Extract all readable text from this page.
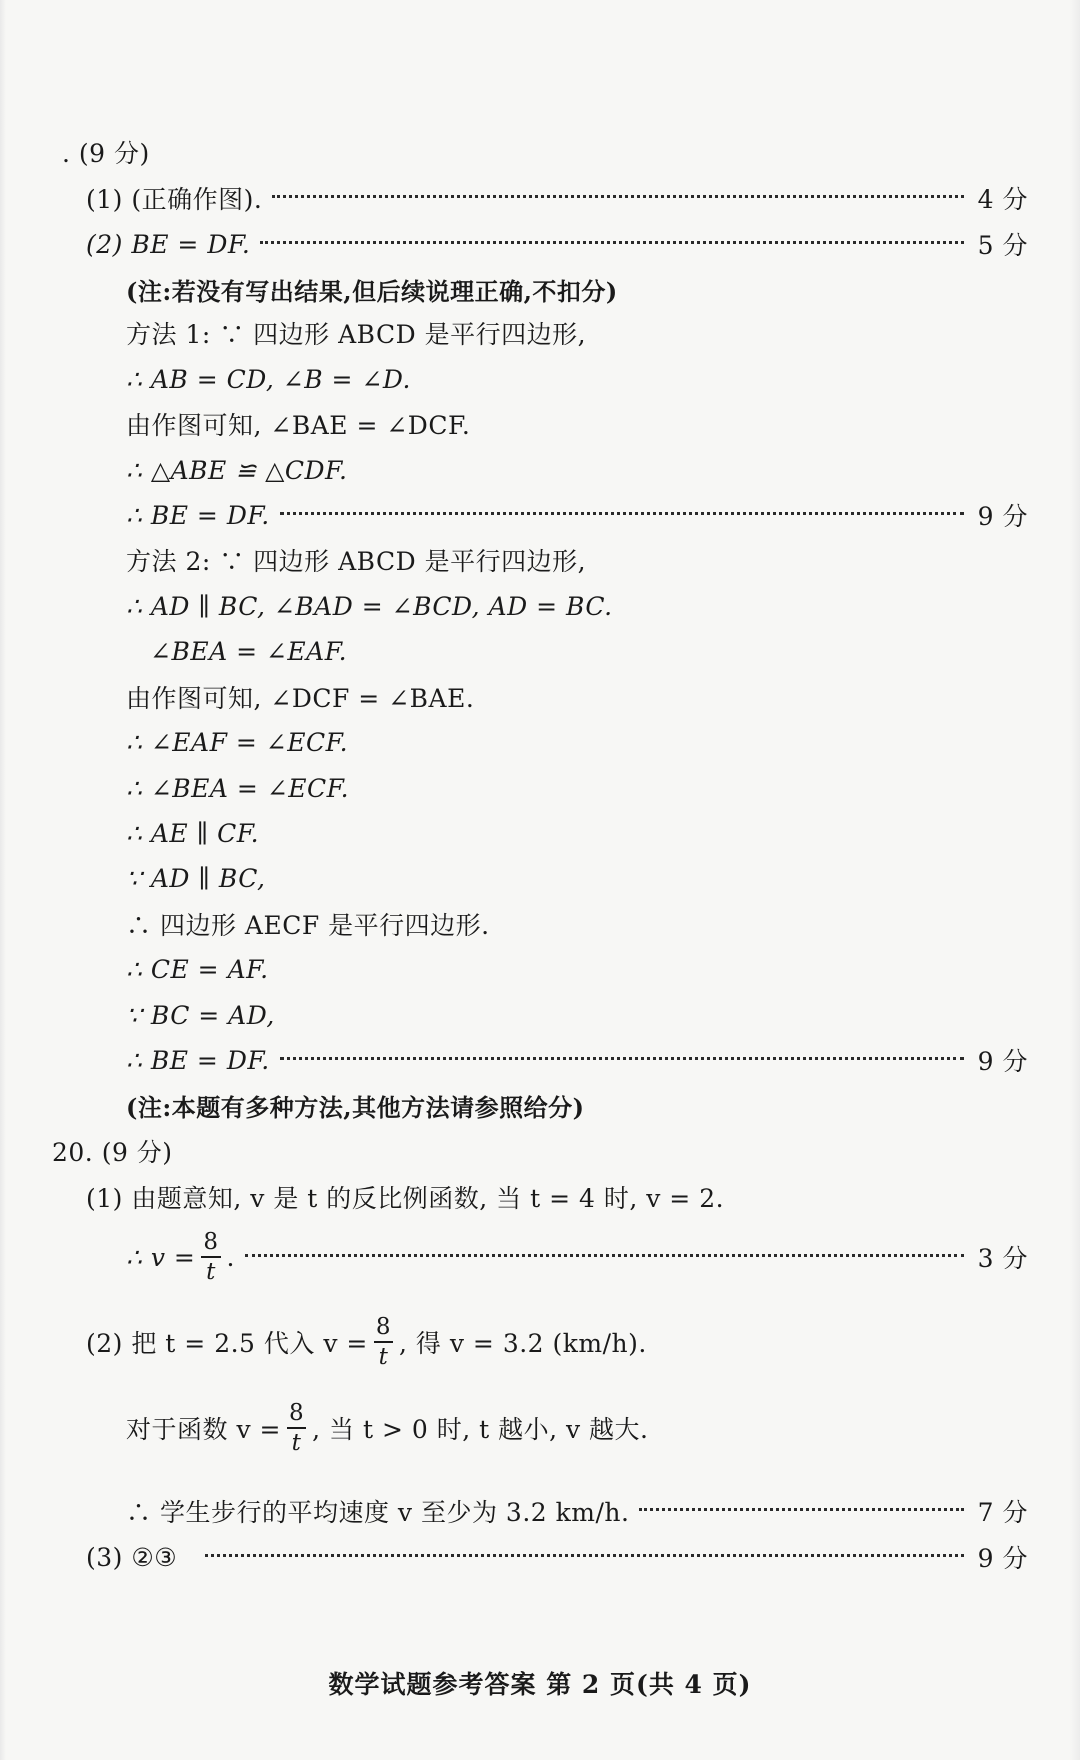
. (9 分)
(1) (正确作图).	4 分
(2) BE = DF.	5 分
(注:若没有写出结果,但后续说理正确,不扣分)
方法 1: ∵ 四边形 ABCD 是平行四边形,
∴ AB = CD, ∠B = ∠D.
由作图可知, ∠BAE = ∠DCF.
∴ △ABE ≌ △CDF.
∴ BE = DF.	9 分
方法 2: ∵ 四边形 ABCD 是平行四边形,
∴ AD ∥ BC, ∠BAD = ∠BCD, AD = BC.
∠BEA = ∠EAF.
由作图可知, ∠DCF = ∠BAE.
∴ ∠EAF = ∠ECF.
∴ ∠BEA = ∠ECF.
∴ AE ∥ CF.
∵ AD ∥ BC,
∴ 四边形 AECF 是平行四边形.
∴ CE = AF.
∵ BC = AD,
∴ BE = DF.	9 分
(注:本题有多种方法,其他方法请参照给分)
20. (9 分)
(1) 由题意知, v 是 t 的反比例函数, 当 t = 4 时, v = 2.
∴ $v = \frac{8}{t}$ .	3 分
(2) 把 t = 2.5 代入 $v = \frac{8}{t}$ , 得 v = 3.2 (km/h).
对于函数 $v = \frac{8}{t}$ , 当 t > 0 时, t 越小, v 越大.
∴ 学生步行的平均速度 v 至少为 3.2 km/h.	7 分
(3) ②③	9 分
数学试题参考答案 第 2 页(共 4 页)
